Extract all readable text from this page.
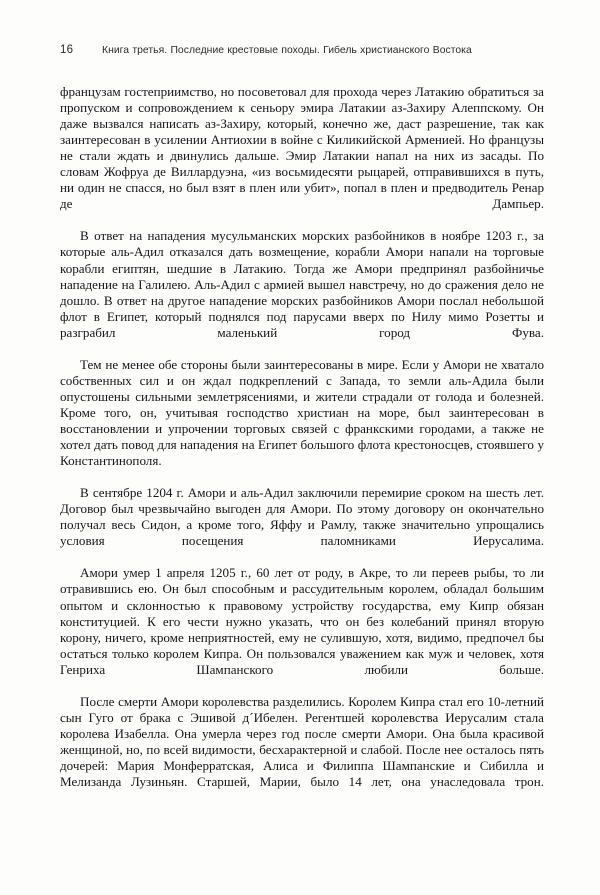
16	Книга третья. Последние крестовые походы. Гибель христианского Востока

французам гостеприимство, но посоветовал для прохода через Латакию обратиться за пропуском и сопровождением к сеньору эмира Латакии аз-Захиру Алеппскому. Он даже вызвался написать аз-Захиру, который, конечно же, даст разрешение, так как заинтересован в усилении Антиохии в войне с Киликийской Арменией. Но французы не стали ждать и двинулись дальше. Эмир Латакии напал на них из засады. По словам Жофруа де Виллардуэна, «из восьмидесяти рыцарей, отправившихся в путь, ни один не спасся, но был взят в плен или убит», попал в плен и предводитель Ренар де Дампьер.

В ответ на нападения мусульманских морских разбойников в ноябре 1203 г., за которые аль-Адил отказался дать возмещение, корабли Амори напали на торговые корабли египтян, шедшие в Латакию. Тогда же Амори предпринял разбойничье нападение на Галилею. Аль-Адил с армией вышел навстречу, но до сражения дело не дошло. В ответ на другое нападение морских разбойников Амори послал небольшой флот в Египет, который поднялся под парусами вверх по Нилу мимо Розетты и разграбил маленький город Фува.

Тем не менее обе стороны были заинтересованы в мире. Если у Амори не хватало собственных сил и он ждал подкреплений с Запада, то земли аль-Адила были опустошены сильными землетрясениями, и жители страдали от голода и болезней. Кроме того, он, учитывая господство христиан на море, был заинтересован в восстановлении и упрочении торговых связей с франкскими городами, а также не хотел дать повод для нападения на Египет большого флота крестоносцев, стоявшего у Константинополя.

В сентябре 1204 г. Амори и аль-Адил заключили перемирие сроком на шесть лет. Договор был чрезвычайно выгоден для Амори. По этому договору он окончательно получал весь Сидон, а кроме того, Яффу и Рамлу, также значительно упрощались условия посещения паломниками Иерусалима.

Амори умер 1 апреля 1205 г., 60 лет от роду, в Акре, то ли переев рыбы, то ли отравившись ею. Он был способным и рассудительным королем, обладал большим опытом и склонностью к правовому устройству государства, ему Кипр обязан конституцией. К его чести нужно указать, что он без колебаний принял вторую корону, ничего, кроме неприятностей, ему не сулившую, хотя, видимо, предпочел бы остаться только королем Кипра. Он пользовался уважением как муж и человек, хотя Генриха Шампанского любили больше.

После смерти Амори королевства разделились. Королем Кипра стал его 10-летний сын Гуго от брака с Эшивой д´Ибелен. Регентшей королевства Иерусалим стала королева Изабелла. Она умерла через год после смерти Амори. Она была красивой женщиной, но, по всей видимости, бесхарактерной и слабой. После нее осталось пять дочерей: Мария Монферратская, Алиса и Филиппа Шампанские и Сибилла и Мелизанда Лузиньян. Старшей, Марии, было 14 лет, она унаследовала трон.
